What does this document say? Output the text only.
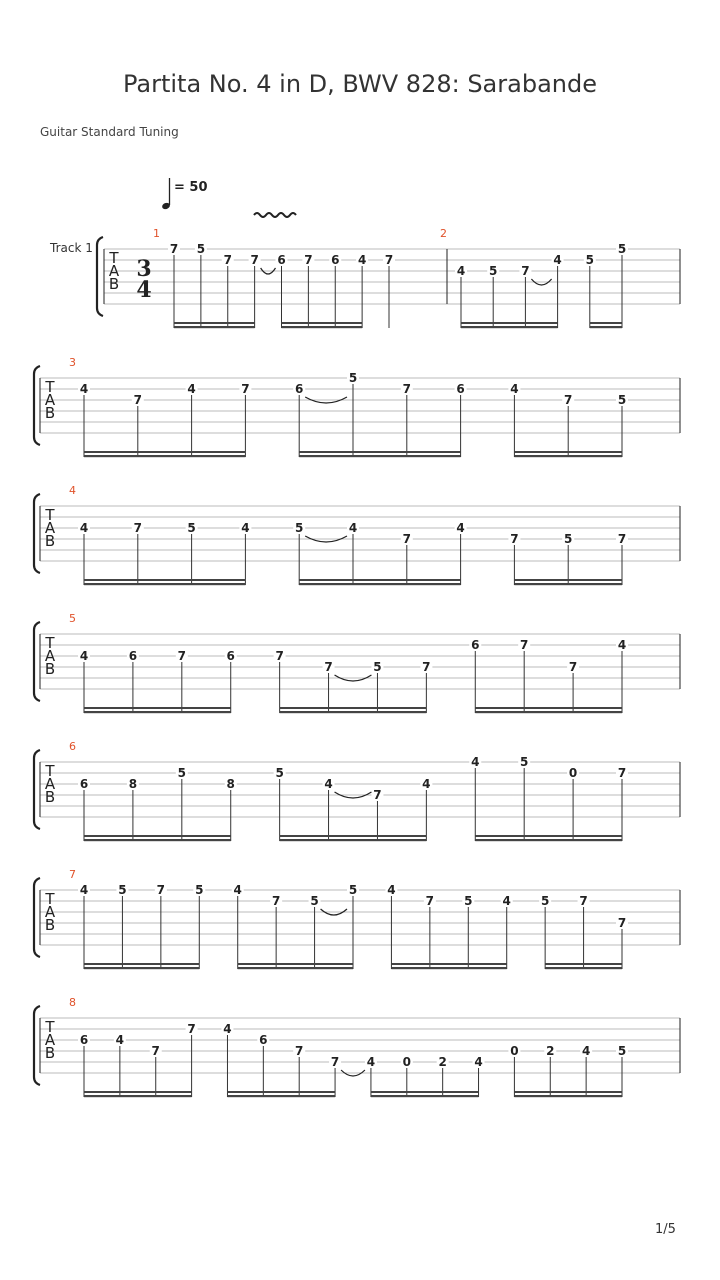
Partita No. 4 in D, BWV 828: Sarabande
Guitar Standard Tuning
= 50
Track 1
1/5
T
A
B
3
4
1
7 5
7 7 6 7 6 4 7
2
4 5 7
4 5
5
T
A
B
3
4
7
4	7	6
5
7	6	4
7	5
T
A
B
4
4	7	5	4	5	4
7
4
7	5	7
T
A
B
5
4	6	7	6	7
7	5	7
6	7
7
4
T
A
B
6
6	8
5
8
5
4
7
4
4	5
0	7
T
A
B
7
4	5	7	5	4
7	5
5	4
7	5	4	5	7
7
T
A
B
8
6 4
7
7 4
6
7
7 4 0 2 4
0 2 4 5
